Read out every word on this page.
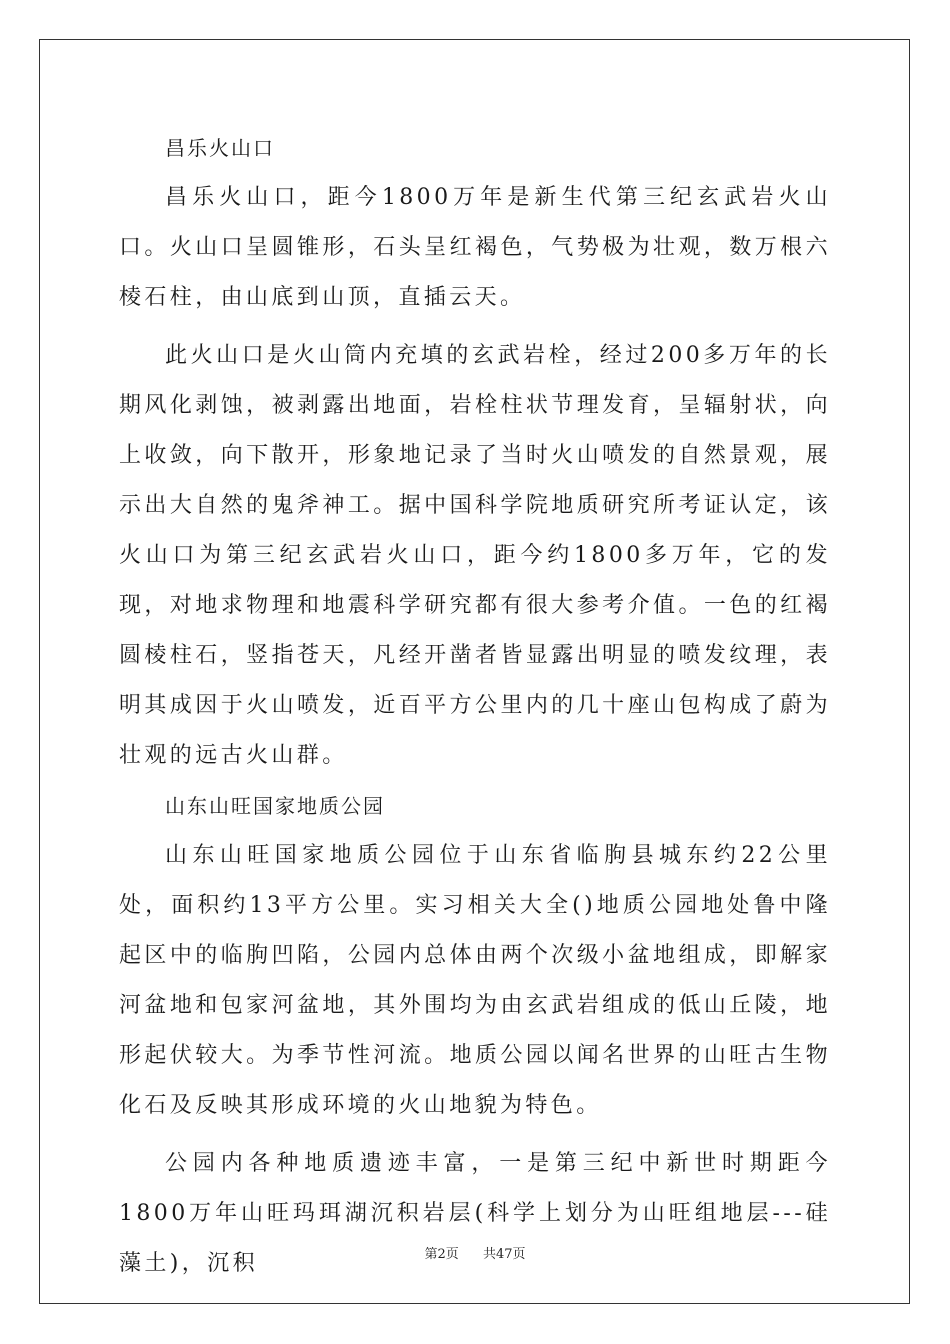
昌乐火山口

昌乐火山口，距今1800万年是新生代第三纪玄武岩火山口。火山口呈圆锥形，石头呈红褐色，气势极为壮观，数万根六棱石柱，由山底到山顶，直插云天。

此火山口是火山筒内充填的玄武岩栓，经过200多万年的长期风化剥蚀，被剥露出地面，岩栓柱状节理发育，呈辐射状，向上收敛，向下散开，形象地记录了当时火山喷发的自然景观，展示出大自然的鬼斧神工。据中国科学院地质研究所考证认定，该火山口为第三纪玄武岩火山口，距今约1800多万年，它的发现，对地求物理和地震科学研究都有很大参考介值。一色的红褐圆棱柱石，竖指苍天，凡经开凿者皆显露出明显的喷发纹理，表明其成因于火山喷发，近百平方公里内的几十座山包构成了蔚为壮观的远古火山群。

山东山旺国家地质公园

山东山旺国家地质公园位于山东省临朐县城东约22公里处，面积约13平方公里。实习相关大全()地质公园地处鲁中隆起区中的临朐凹陷，公园内总体由两个次级小盆地组成，即解家河盆地和包家河盆地，其外围均为由玄武岩组成的低山丘陵，地形起伏较大。为季节性河流。地质公园以闻名世界的山旺古生物化石及反映其形成环境的火山地貌为特色。

公园内各种地质遗迹丰富，一是第三纪中新世时期距今1800万年山旺玛珥湖沉积岩层(科学上划分为山旺组地层---硅藻土)，沉积	第2页 共47页
